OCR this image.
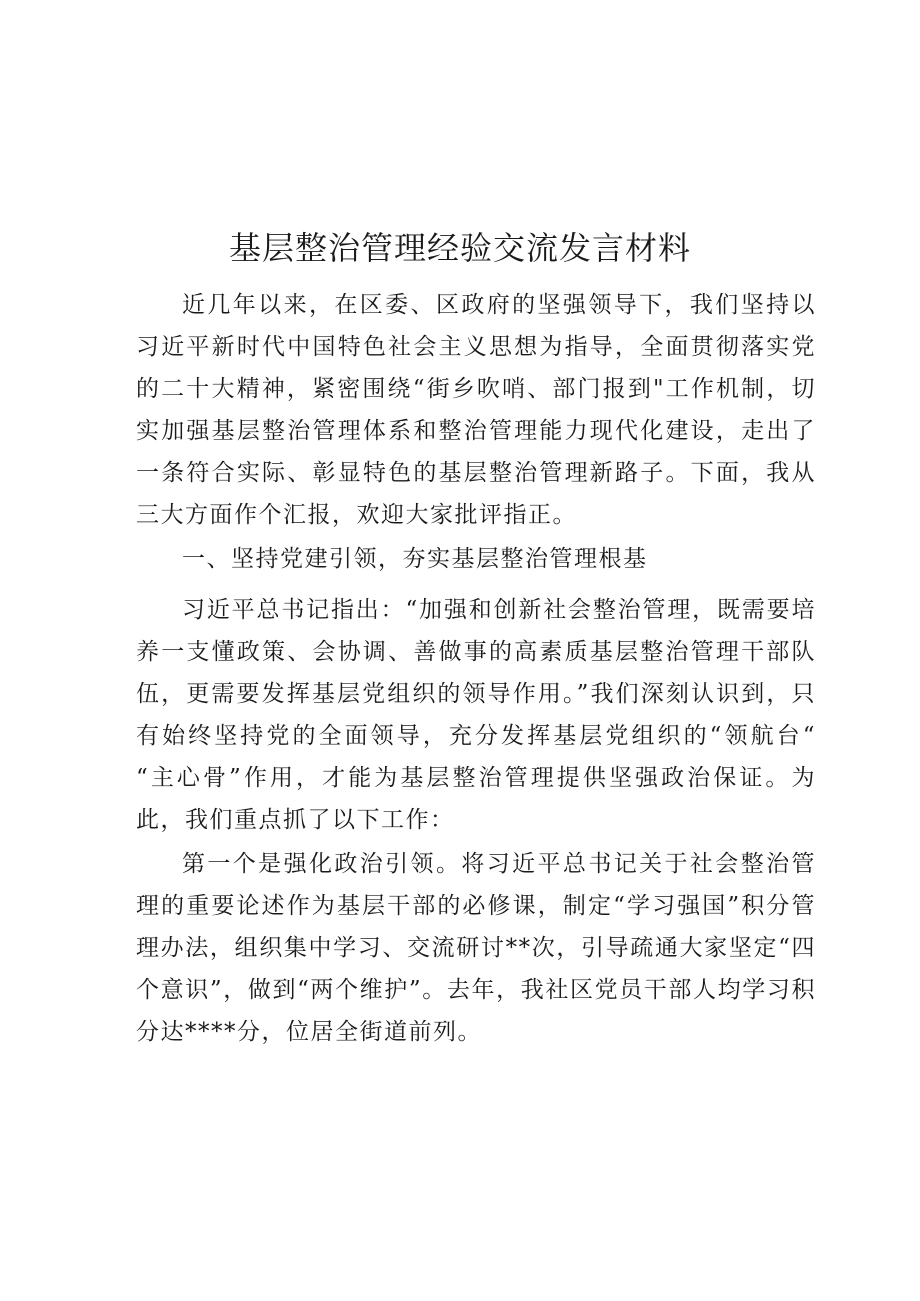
基层整治管理经验交流发言材料

近几年以来，在区委、区政府的坚强领导下，我们坚持以习近平新时代中国特色社会主义思想为指导，全面贯彻落实党的二十大精神，紧密围绕“街乡吹哨、部门报到"工作机制，切实加强基层整治管理体系和整治管理能力现代化建设，走出了一条符合实际、彰显特色的基层整治管理新路子。下面，我从三大方面作个汇报，欢迎大家批评指正。

一、坚持党建引领，夯实基层整治管理根基

习近平总书记指出：“加强和创新社会整治管理，既需要培养一支懂政策、会协调、善做事的高素质基层整治管理干部队伍，更需要发挥基层党组织的领导作用。”我们深刻认识到，只有始终坚持党的全面领导，充分发挥基层党组织的“领航台“ “主心骨”作用，才能为基层整治管理提供坚强政治保证。为此，我们重点抓了以下工作：

第一个是强化政治引领。将习近平总书记关于社会整治管理的重要论述作为基层干部的必修课，制定“学习强国”积分管理办法，组织集中学习、交流研讨**次，引导疏通大家坚定“四个意识”，做到“两个维护”。去年，我社区党员干部人均学习积分达****分，位居全街道前列。
